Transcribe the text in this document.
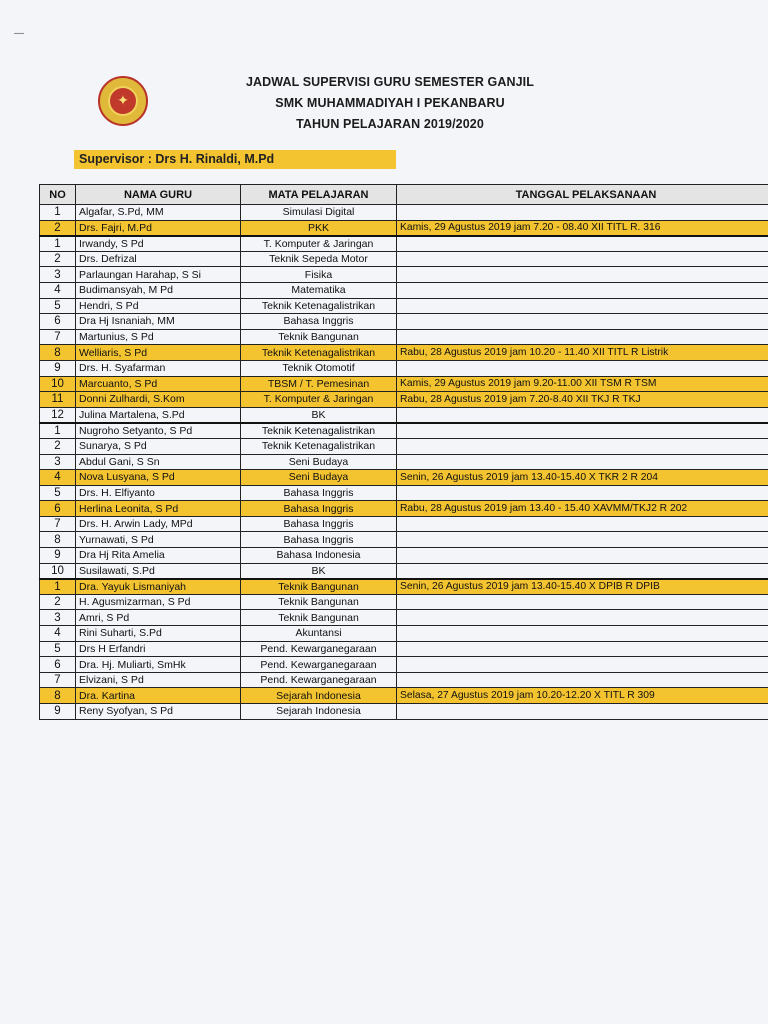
—
✦
JADWAL SUPERVISI GURU SEMESTER GANJIL
SMK MUHAMMADIYAH I PEKANBARU
TAHUN PELAJARAN 2019/2020
Supervisor : Drs H. Rinaldi, M.Pd
NO	NAMA GURU	MATA PELAJARAN	TANGGAL PELAKSANAAN
1	Algafar, S.Pd, MM	Simulasi Digital	
2	Drs. Fajri, M.Pd	PKK	Kamis, 29 Agustus 2019 jam 7.20 - 08.40 XII TITL R. 316
1	Irwandy, S Pd	T. Komputer & Jaringan	
2	Drs. Defrizal	Teknik Sepeda Motor	
3	Parlaungan Harahap, S Si	Fisika	
4	Budimansyah, M Pd	Matematika	
5	Hendri, S Pd	Teknik Ketenagalistrikan	
6	Dra Hj Isnaniah, MM	Bahasa Inggris	
7	Martunius, S Pd	Teknik Bangunan	
8	Welliaris, S Pd	Teknik Ketenagalistrikan	Rabu, 28 Agustus 2019 jam 10.20 - 11.40 XII TITL R Listrik
9	Drs. H. Syafarman	Teknik Otomotif	
10	Marcuanto, S Pd	TBSM / T. Pemesinan	Kamis, 29 Agustus 2019 jam 9.20-11.00 XII TSM R TSM
11	Donni Zulhardi, S.Kom	T. Komputer & Jaringan	Rabu, 28 Agustus 2019 jam 7.20-8.40 XII TKJ R TKJ
12	Julina Martalena, S.Pd	BK	
1	Nugroho Setyanto, S Pd	Teknik Ketenagalistrikan	
2	Sunarya, S Pd	Teknik Ketenagalistrikan	
3	Abdul Gani, S Sn	Seni Budaya	
4	Nova Lusyana, S Pd	Seni Budaya	Senin, 26 Agustus 2019 jam 13.40-15.40 X TKR 2 R 204
5	Drs. H. Elfiyanto	Bahasa Inggris	
6	Herlina Leonita, S Pd	Bahasa Inggris	Rabu, 28 Agustus 2019 jam 13.40 - 15.40 XAVMM/TKJ2 R 202
7	Drs. H. Arwin Lady, MPd	Bahasa Inggris	
8	Yurnawati, S Pd	Bahasa Inggris	
9	Dra Hj Rita Amelia	Bahasa Indonesia	
10	Susilawati, S.Pd	BK	
1	Dra. Yayuk Lismaniyah	Teknik Bangunan	Senin, 26 Agustus 2019 jam 13.40-15.40 X DPIB R DPIB
2	H. Agusmizarman, S Pd	Teknik Bangunan	
3	Amri, S Pd	Teknik Bangunan	
4	Rini Suharti, S.Pd	Akuntansi	
5	Drs H Erfandri	Pend. Kewarganegaraan	
6	Dra. Hj. Muliarti, SmHk	Pend. Kewarganegaraan	
7	Elvizani, S Pd	Pend. Kewarganegaraan	
8	Dra. Kartina	Sejarah Indonesia	Selasa, 27 Agustus 2019 jam 10.20-12.20 X TITL R 309
9	Reny Syofyan, S Pd	Sejarah Indonesia	
